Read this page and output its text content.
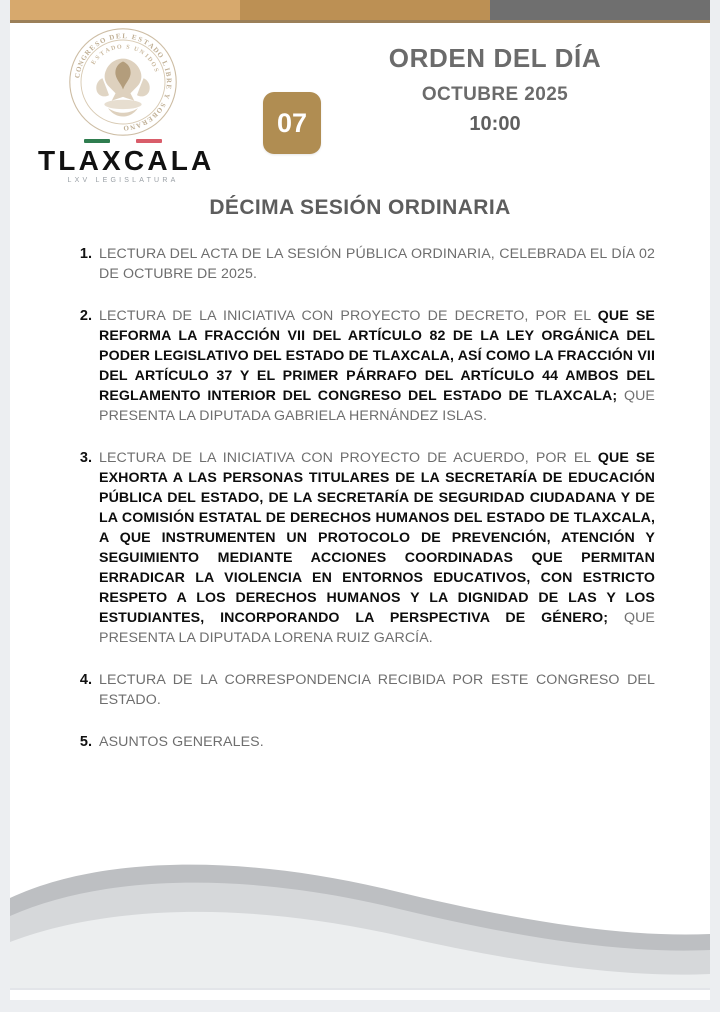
C
O
N
G
R
E
S
O D E L E S
T
A
D
O
L
I
B
R
E
Y
S
O
B
E
R
A
N
O
E
S
T
A D O S U
N
I
D
O
S
TLAXCALA
LXV LEGISLATURA
ORDEN DEL DÍA
OCTUBRE 2025
10:00
07
DÉCIMA SESIÓN ORDINARIA
1. LECTURA DEL ACTA DE LA SESIÓN PÚBLICA ORDINARIA, CELEBRADA EL DÍA 02 DE OCTUBRE DE 2025.
2. LECTURA DE LA INICIATIVA CON PROYECTO DE DECRETO, POR EL QUE SE REFORMA LA FRACCIÓN VII DEL ARTÍCULO 82 DE LA LEY ORGÁNICA DEL PODER LEGISLATIVO DEL ESTADO DE TLAXCALA, ASÍ COMO LA FRACCIÓN VII DEL ARTÍCULO 37 Y EL PRIMER PÁRRAFO DEL ARTÍCULO 44 AMBOS DEL REGLAMENTO INTERIOR DEL CONGRESO DEL ESTADO DE TLAXCALA; QUE PRESENTA LA DIPUTADA GABRIELA HERNÁNDEZ ISLAS.
3. LECTURA DE LA INICIATIVA CON PROYECTO DE ACUERDO, POR EL QUE SE EXHORTA A LAS PERSONAS TITULARES DE LA SECRETARÍA DE EDUCACIÓN PÚBLICA DEL ESTADO, DE LA SECRETARÍA DE SEGURIDAD CIUDADANA Y DE LA COMISIÓN ESTATAL DE DERECHOS HUMANOS DEL ESTADO DE TLAXCALA, A QUE INSTRUMENTEN UN PROTOCOLO DE PREVENCIÓN, ATENCIÓN Y SEGUIMIENTO MEDIANTE ACCIONES COORDINADAS QUE PERMITAN ERRADICAR LA VIOLENCIA EN ENTORNOS EDUCATIVOS, CON ESTRICTO RESPETO A LOS DERECHOS HUMANOS Y LA DIGNIDAD DE LAS Y LOS ESTUDIANTES, INCORPORANDO LA PERSPECTIVA DE GÉNERO; QUE PRESENTA LA DIPUTADA LORENA RUIZ GARCÍA.
4. LECTURA DE LA CORRESPONDENCIA RECIBIDA POR ESTE CONGRESO DEL ESTADO.
5. ASUNTOS GENERALES.
